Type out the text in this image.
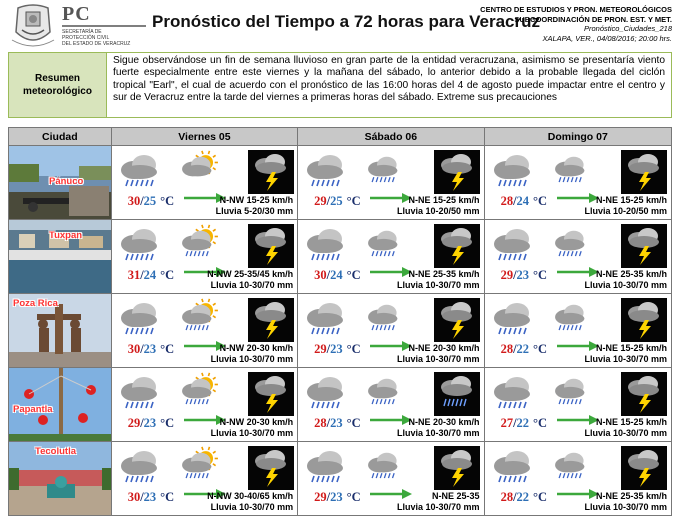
PC
SECRETARÍA DE
PROTECCIÓN CIVIL
DEL ESTADO DE VERACRUZ
Pronóstico del Tiempo a 72 horas para Veracruz
CENTRO DE ESTUDIOS Y PRON. METEOROLÓGICOS
SUBCOORDINACIÓN DE PRON. EST. Y MET.
Pronóstico_Ciudades_218
XALAPA, VER., 04/08/2016; 20:00 hrs.
Resumen meteorológico
Sigue observándose un fin de semana lluvioso en gran parte de la entidad veracruzana, asimismo se presentaría viento fuerte especialmente entre este viernes y la mañana del sábado, lo anterior debido a la probable llegada del ciclón tropical "Earl", el cual de acuerdo con el pronóstico de las 16:00 horas del 4 de agosto puede impactar entre el centro y sur de Veracruz entre la tarde del viernes a primeras horas del sábado. Extreme sus precauciones
Ciudad	Viernes 05	Sábado 06	Domingo 07
Pánuco
30/25 °C	N-NW 15-25 km/h
Lluvia 5-20/30 mm
29/25 °C	N-NE 15-25 km/h
Lluvia 10-20/50 mm
28/24 °C	N-NE 15-25 km/h
Lluvia 10-20/50 mm
Tuxpan
31/24 °C	N-NW 25-35/45 km/h
Lluvia 10-30/70 mm
30/24 °C	N-NE 25-35 km/h
Lluvia 10-30/70 mm
29/23 °C	N-NE 25-35 km/h
Lluvia 10-30/70 mm
Poza Rica
30/23 °C	N-NW 20-30 km/h
Lluvia 10-30/70 mm
29/23 °C	N-NE 20-30 km/h
Lluvia 10-30/70 mm
28/22 °C	N-NE 15-25 km/h
Lluvia 10-30/70 mm
Papantla
29/23 °C	N-NW 20-30 km/h
Lluvia 10-30/70 mm
28/23 °C	N-NE 20-30 km/h
Lluvia 10-30/70 mm
27/22 °C	N-NE 15-25 km/h
Lluvia 10-30/70 mm
Tecolutla
30/23 °C	N-NW 30-40/65 km/h
Lluvia 10-30/70 mm
29/23 °C	N-NE 25-35
Lluvia 10-30/70 mm
28/22 °C	N-NE 25-35 km/h
Lluvia 10-30/70 mm
